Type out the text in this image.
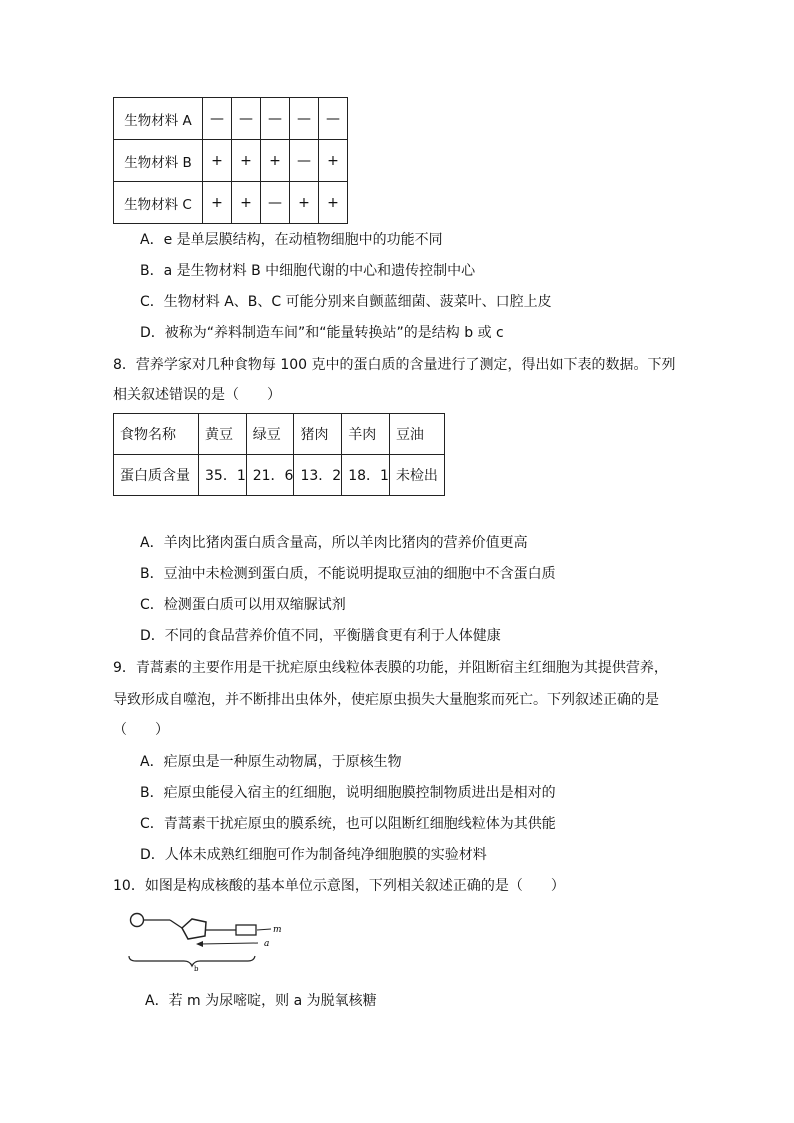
生物材料 A	—	—	—	—	—
生物材料 B	+	+	+	—	+
生物材料 C	+	+	—	+	+
A．e 是单层膜结构，在动植物细胞中的功能不同
B．a 是生物材料 B 中细胞代谢的中心和遗传控制中心
C．生物材料 A、B、C 可能分别来自颤蓝细菌、菠菜叶、口腔上皮
D．被称为“养料制造车间”和“能量转换站”的是结构 b 或 c
8．营养学家对几种食物每 100 克中的蛋白质的含量进行了测定，得出如下表的数据。下列
相关叙述错误的是（　　）
食物名称	黄豆	绿豆	猪肉	羊肉	豆油
蛋白质含量	35．1	21．6	13．2	18．1	未检出
A．羊肉比猪肉蛋白质含量高，所以羊肉比猪肉的营养价值更高
B．豆油中未检测到蛋白质，不能说明提取豆油的细胞中不含蛋白质
C．检测蛋白质可以用双缩脲试剂
D．不同的食品营养价值不同，平衡膳食更有利于人体健康
9．青蒿素的主要作用是干扰疟原虫线粒体表膜的功能，并阻断宿主红细胞为其提供营养，
导致形成自噬泡，并不断排出虫体外，使疟原虫损失大量胞浆而死亡。下列叙述正确的是
（　　）
A．疟原虫是一种原生动物属，于原核生物
B．疟原虫能侵入宿主的红细胞，说明细胞膜控制物质进出是相对的
C．青蒿素干扰疟原虫的膜系统，也可以阻断红细胞线粒体为其供能
D．人体未成熟红细胞可作为制备纯净细胞膜的实验材料
10．如图是构成核酸的基本单位示意图，下列相关叙述正确的是（　　）
m
a
b
A．若 m 为尿嘧啶，则 a 为脱氧核糖
